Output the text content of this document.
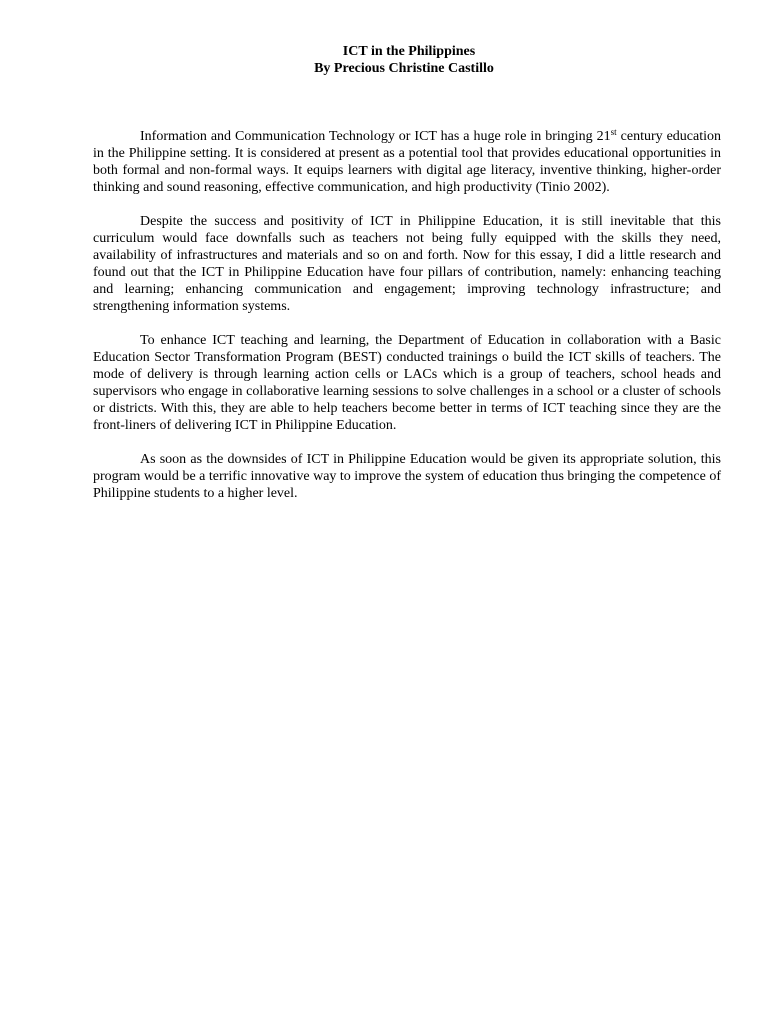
ICT in the Philippines
By Precious Christine Castillo

Information and Communication Technology or ICT has a huge role in bringing 21st century education in the Philippine setting. It is considered at present as a potential tool that provides educational opportunities in both formal and non-formal ways. It equips learners with digital age literacy, inventive thinking, higher-order thinking and sound reasoning, effective communication, and high productivity (Tinio 2002).

Despite the success and positivity of ICT in Philippine Education, it is still inevitable that this curriculum would face downfalls such as teachers not being fully equipped with the skills they need, availability of infrastructures and materials and so on and forth. Now for this essay, I did a little research and found out that the ICT in Philippine Education have four pillars of contribution, namely: enhancing teaching and learning; enhancing communication and engagement; improving technology infrastructure; and strengthening information systems.

To enhance ICT teaching and learning, the Department of Education in collaboration with a Basic Education Sector Transformation Program (BEST) conducted trainings o build the ICT skills of teachers. The mode of delivery is through learning action cells or LACs which is a group of teachers, school heads and supervisors who engage in collaborative learning sessions to solve challenges in a school or a cluster of schools or districts. With this, they are able to help teachers become better in terms of ICT teaching since they are the front-liners of delivering ICT in Philippine Education.

As soon as the downsides of ICT in Philippine Education would be given its appropriate solution, this program would be a terrific innovative way to improve the system of education thus bringing the competence of Philippine students to a higher level.
